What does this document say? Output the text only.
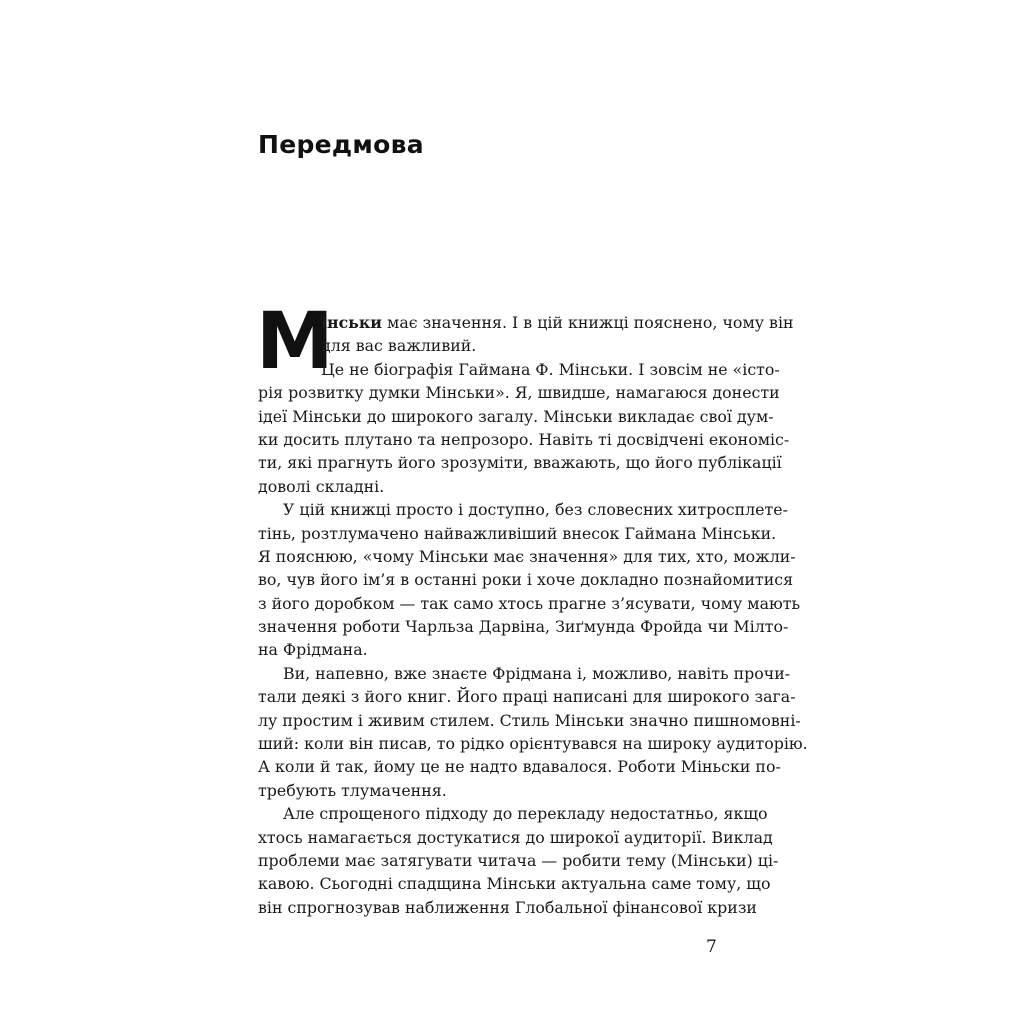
Передмова
М
інськи має значення. І в цій книжці пояснено, чому він
для вас важливий.
Це не біографія Гаймана Ф. Мінськи. І зовсім не «істо-
рія розвитку думки Мінськи». Я, швидше, намагаюся донести
ідеї Мінськи до широкого загалу. Мінськи викладає свої дум-
ки досить плутано та непрозоро. Навіть ті досвідчені економіс-
ти, які прагнуть його зрозуміти, вважають, що його публікації
доволі складні.
У цій книжці просто і доступно, без словесних хитросплете-
тінь, розтлумачено найважливіший внесок Гаймана Мінськи.
Я пояснюю, «чому Мінськи має значення» для тих, хто, можли-
во, чув його ім’я в останні роки і хоче докладно познайомитися
з його доробком — так само хтось прагне з’ясувати, чому мають
значення роботи Чарльза Дарвіна, Зиґмунда Фройда чи Мілто-
на Фрідмана.
Ви, напевно, вже знаєте Фрідмана і, можливо, навіть прочи-
тали деякі з його книг. Його праці написані для широкого зага-
лу простим і живим стилем. Стиль Мінськи значно пишномовні-
ший: коли він писав, то рідко орієнтувався на широку аудиторію.
А коли й так, йому це не надто вдавалося. Роботи Міньски по-
требують тлумачення.
Але спрощеного підходу до перекладу недостатньо, якщо
хтось намагається достукатися до широкої аудиторії. Виклад
проблеми має затягувати читача — робити тему (Мінськи) ці-
кавою. Сьогодні спадщина Мінськи актуальна саме тому, що
він спрогнозував наближення Глобальної фінансової кризи
7
